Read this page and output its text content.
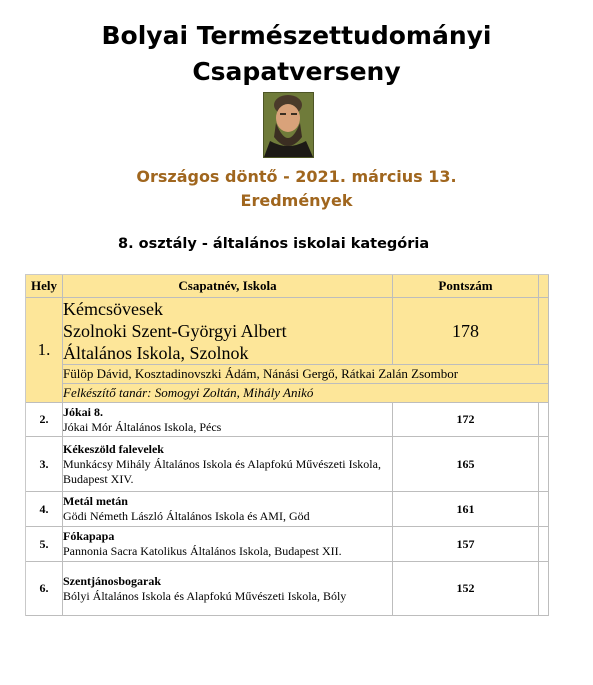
Bolyai Természettudományi
Csapatverseny
Országos döntő - 2021. március 13.
Eredmények
8. osztály - általános iskolai kategória
Hely	Csapatnév, Iskola	Pontszám	
1.	Kémcsövesek
Szolnoki Szent-Györgyi Albert
Általános Iskola, Szolnok	178	
	Fülöp Dávid, Kosztadinovszki Ádám, Nánási Gergő, Rátkai Zalán Zsombor		
	Felkészítő tanár: Somogyi Zoltán, Mihály Anikó		
2.	Jókai 8.
Jókai Mór Általános Iskola, Pécs	172	
3.	Kékeszöld falevelek
Munkácsy Mihály Általános Iskola és Alapfokú Művészeti Iskola, Budapest XIV.	165	
4.	Metál metán
Gödi Németh László Általános Iskola és AMI, Göd	161	
5.	Fókapapa
Pannonia Sacra Katolikus Általános Iskola, Budapest XII.	157	
6.	Szentjánosbogarak
Bólyi Általános Iskola és Alapfokú Művészeti Iskola, Bóly	152	
